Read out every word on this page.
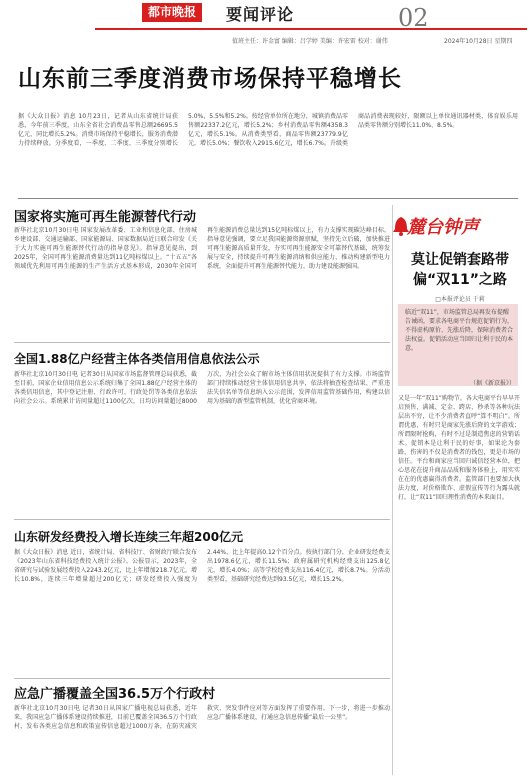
都市晚报	要闻评论	02
值班主任：许金富 编辑：吕学婷 美编：许宏雷 校对：谢伟	2024年10月28日 星期四
山东前三季度消费市场保持平稳增长
据《大众日报》消息 10月23日，记者从山东省统计局获悉，今年前三季度，山东全省社会消费品零售总额26695.5亿元，同比增长5.2%。消费市场保持平稳增长，服务消费潜力持续释放。分季度看，一季度、二季度、三季度分别增长5.0%、5.5%和5.2%。按经营单位所在地分，城镇消费品零售额22337.2亿元，增长5.2%；乡村消费品零售额4358.3亿元，增长5.1%。从消费类型看，商品零售额23779.9亿元，增长5.0%；餐饮收入2915.6亿元，增长6.7%。升级类商品消费表现较好，限额以上单位通讯器材类、体育娱乐用品类零售额分别增长11.0%、8.5%。
国家将实施可再生能源替代行动
新华社北京10月30日电 国家发展改革委、工业和信息化部、住房城乡建设部、交通运输部、国家能源局、国家数据局近日联合印发《关于大力实施可再生能源替代行动的指导意见》。指导意见提出，到2025年，全国可再生能源消费量达到11亿吨标煤以上。“十五五”各领域优先利用可再生能源的生产生活方式基本形成，2030年全国可再生能源消费总量达到15亿吨标煤以上，有力支撑实现碳达峰目标。指导意见强调，要立足我国能源资源禀赋，坚持先立后破，加快推进可再生能源高质量开发，夯实可再生能源安全可靠替代基础，统筹发展与安全，持续提升可再生能源消纳和供应能力，推动构建新型电力系统，全面提升可再生能源替代能力，助力建设能源强国。
全国1.88亿户经营主体各类信用信息依法公示
新华社北京10月30日电 记者30日从国家市场监督管理总局获悉，截至目前，国家企业信用信息公示系统归集了全国1.88亿户经营主体的各类信用信息，其中登记注册、行政许可、行政处罚等各类信息依法向社会公示。系统累计访问量超过1100亿次，日均访问量超过8000万次，为社会公众了解市场主体信用状况提供了有力支撑。市场监管部门持续推动经营主体信用信息共享，依法将抽查检查结果、严重违法失信名单等信息纳入公示范围，发挥信用监管基础作用，构建以信用为基础的新型监管机制，优化营商环境。
山东研发经费投入增长连续三年超200亿元
据《大众日报》消息 近日，省统计局、省科技厅、省财政厅联合发布《2023年山东省科技经费投入统计公报》。公报显示，2023年，全省研究与试验发展经费投入2243.2亿元，比上年增加218.7亿元，增长10.8%，连续三年增量超过200亿元；研发经费投入强度为2.44%，比上年提高0.12个百分点。按执行部门分，企业研发经费支出1978.6亿元，增长11.5%；政府属研究机构经费支出125.8亿元，增长4.0%；高等学校经费支出116.4亿元，增长8.7%。分活动类型看，基础研究经费达到93.5亿元，增长15.2%。
应急广播覆盖全国36.5万个行政村
新华社北京10月30日电 记者30日从国家广播电视总局获悉，近年来，我国应急广播体系建设持续推进，目前已覆盖全国36.5万个行政村，发布各类应急信息和政策宣传信息超过1000万条，在防灾减灾救灾、突发事件应对等方面发挥了重要作用。下一步，将进一步推动应急广播体系建设，打通应急信息传播“最后一公里”。
麓台钟声
莫让促销套路带偏“双11”之路
□本报评论员 于莉
临近“双11”，市场监管总局再发布提醒告诫函，要求各电商平台规范促销行为，不得虚构原价、先涨后降，保障消费者合法权益。促销活动应当回归让利于民的本意。
（据《新京报》）
又是一年“双11”购物节。各大电商平台早早开启预售，满减、定金、跨店、秒杀等各种玩法层出不穷，让不少消费者直呼“算不明白”。所谓优惠，有时只是商家先涨后降的文字游戏；所谓限时抢购，有时不过是制造焦虑的营销话术。促销本是让利于民的好事，如果沦为套路，伤害的不仅是消费者的钱包，更是市场的信任。平台和商家应当回归诚信经营本位，把心思花在提升商品品质和服务体验上，用实实在在的优惠赢得消费者。监管部门也要加大执法力度，对价格欺诈、虚假宣传等行为露头就打，让“双11”回归理性消费的本来面目。
